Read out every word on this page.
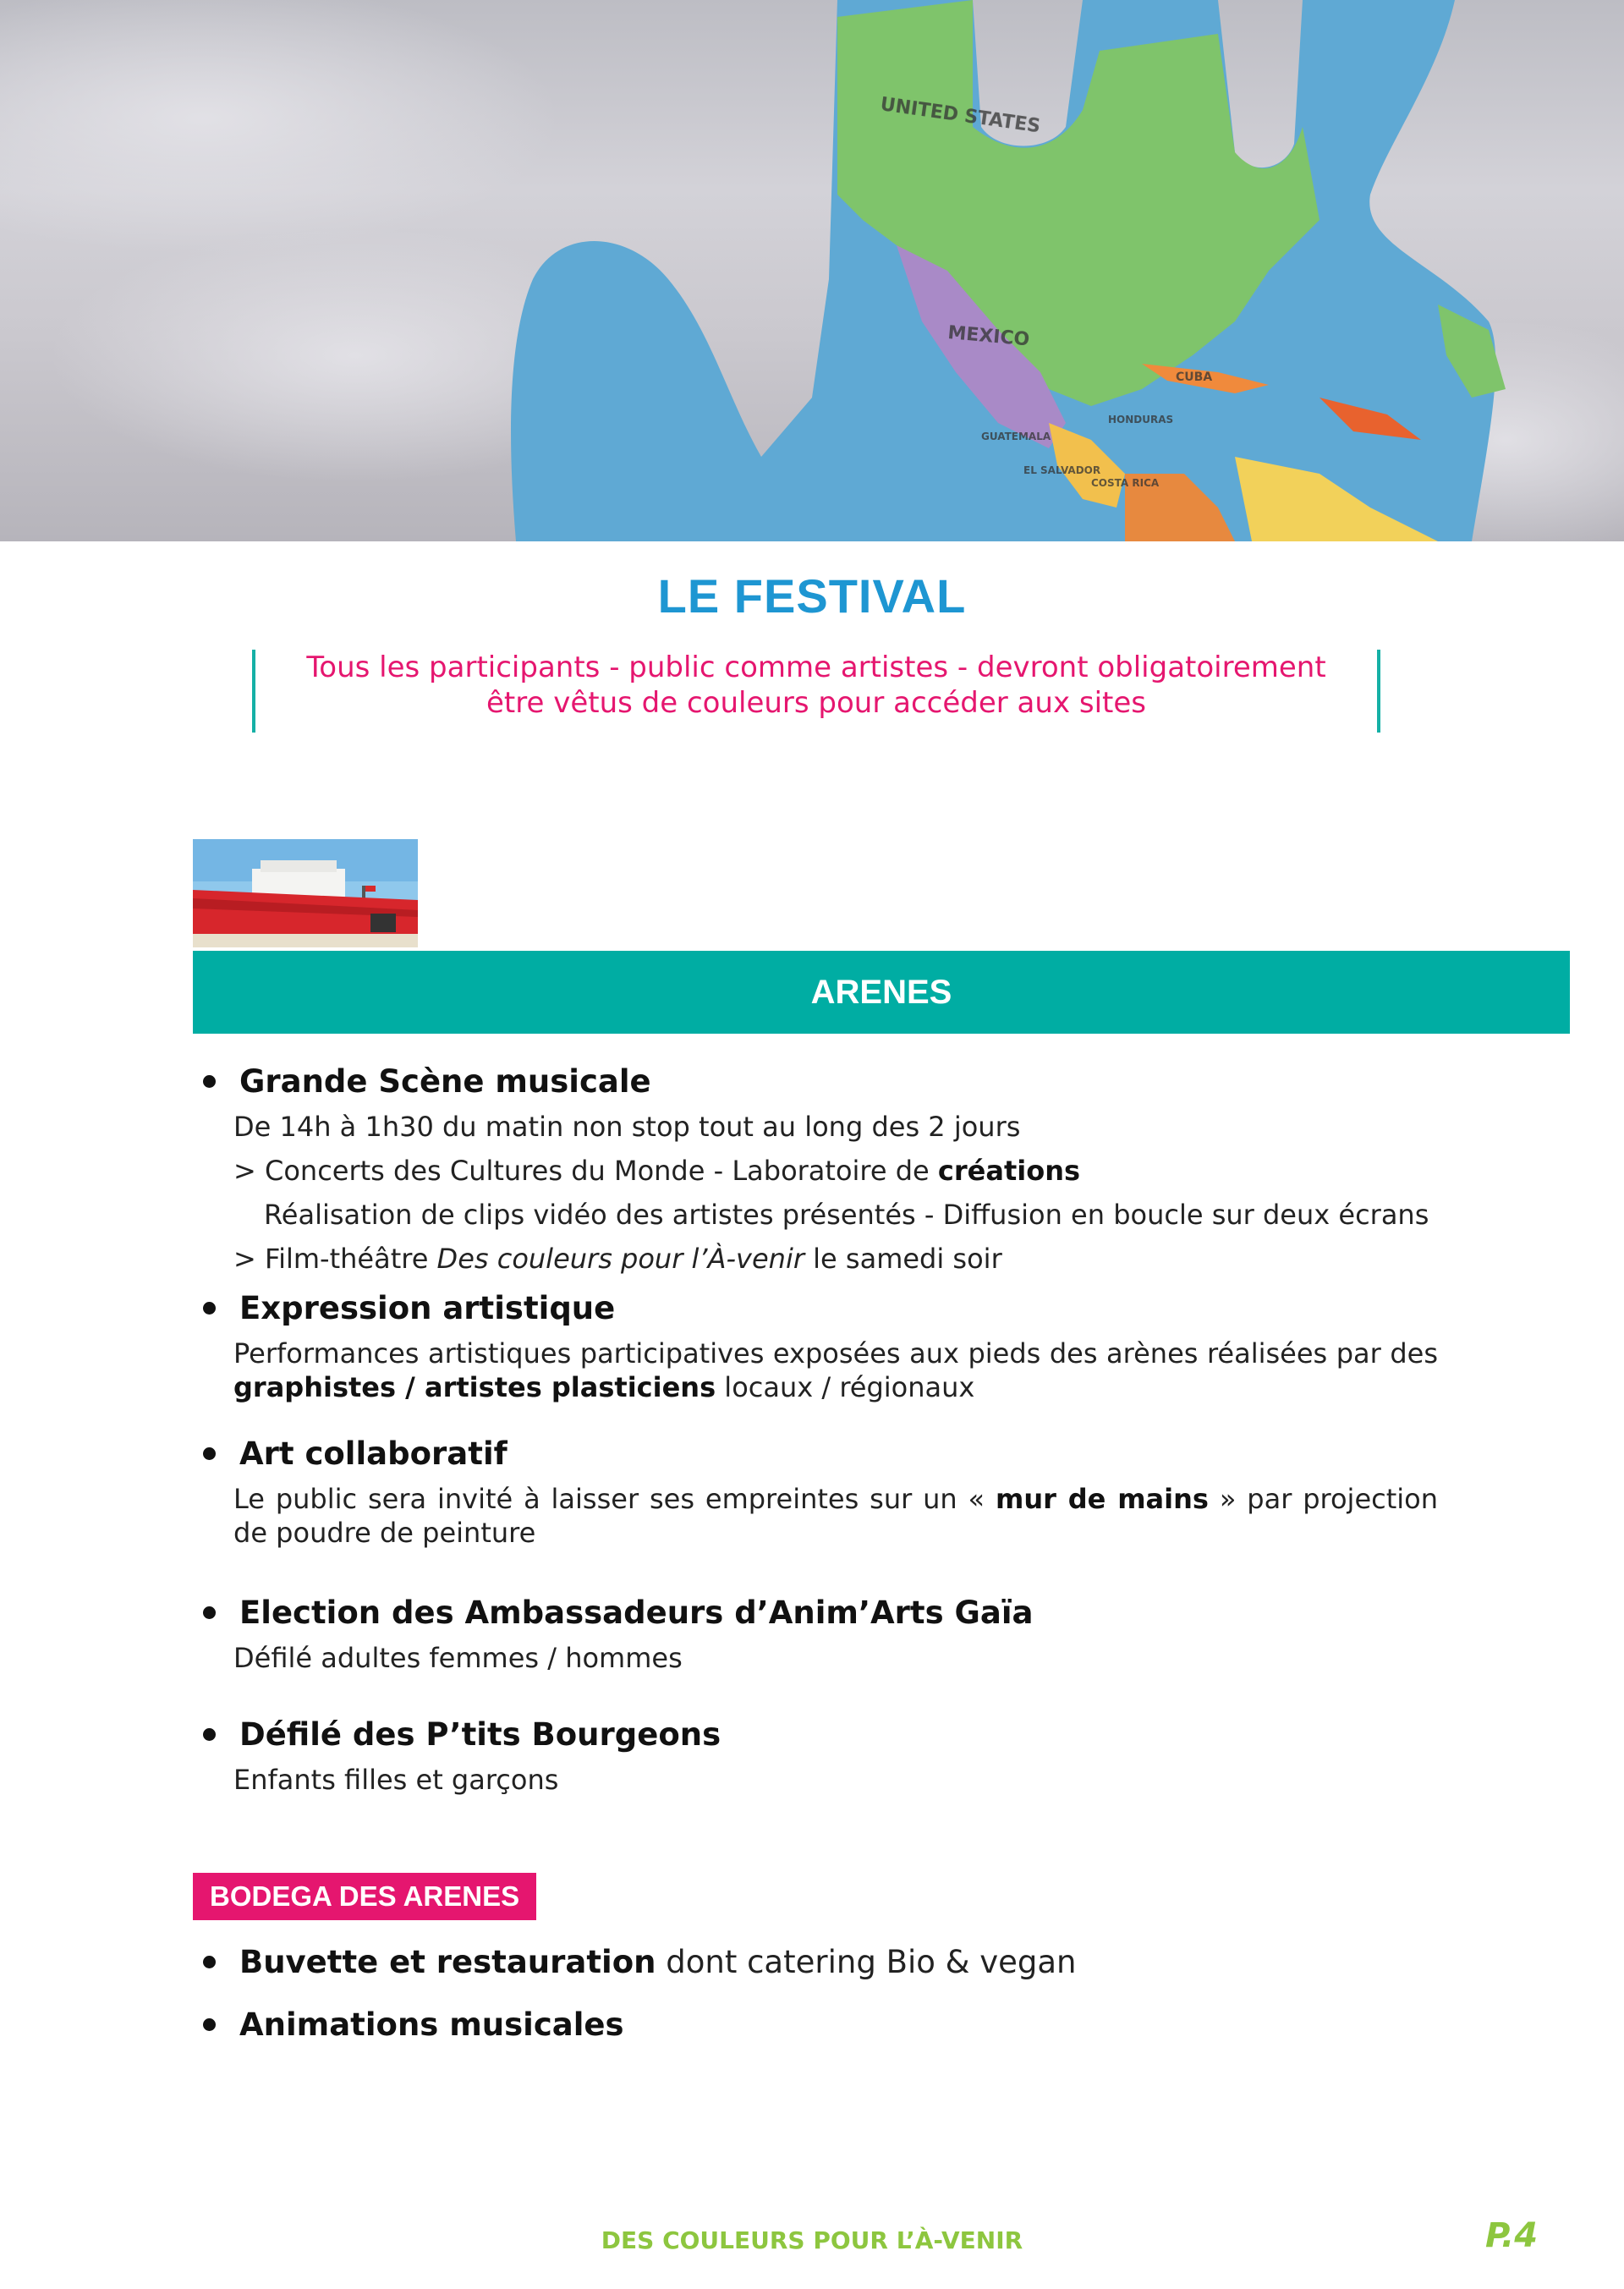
UNITED STATES
MEXICO
CUBA
GUATEMALA
HONDURAS
EL SALVADOR
COSTA RICA
LE FESTIVAL
Tous les participants - public comme artistes - devront obligatoirement
être vêtus de couleurs pour accéder aux sites
ARENES
Grande Scène musicale
De 14h à 1h30 du matin non stop tout au long des 2 jours
> Concerts des Cultures du Monde - Laboratoire de créations
Réalisation de clips vidéo des artistes présentés - Diffusion en boucle sur deux écrans
> Film-théâtre Des couleurs pour l’À-venir le samedi soir
Expression artistique
Performances artistiques participatives exposées aux pieds des arènes réalisées par des graphistes / artistes plasticiens locaux / régionaux
Art collaboratif
Le public sera invité à laisser ses empreintes sur un « mur de mains » par projection de poudre de peinture
Election des Ambassadeurs d’Anim’Arts Gaïa
Défilé adultes femmes / hommes
Défilé des P’tits Bourgeons
Enfants filles et garçons
BODEGA DES ARENES
Buvette et restauration dont catering Bio & vegan
Animations musicales
DES COULEURS POUR L’À-VENIR	P.4
